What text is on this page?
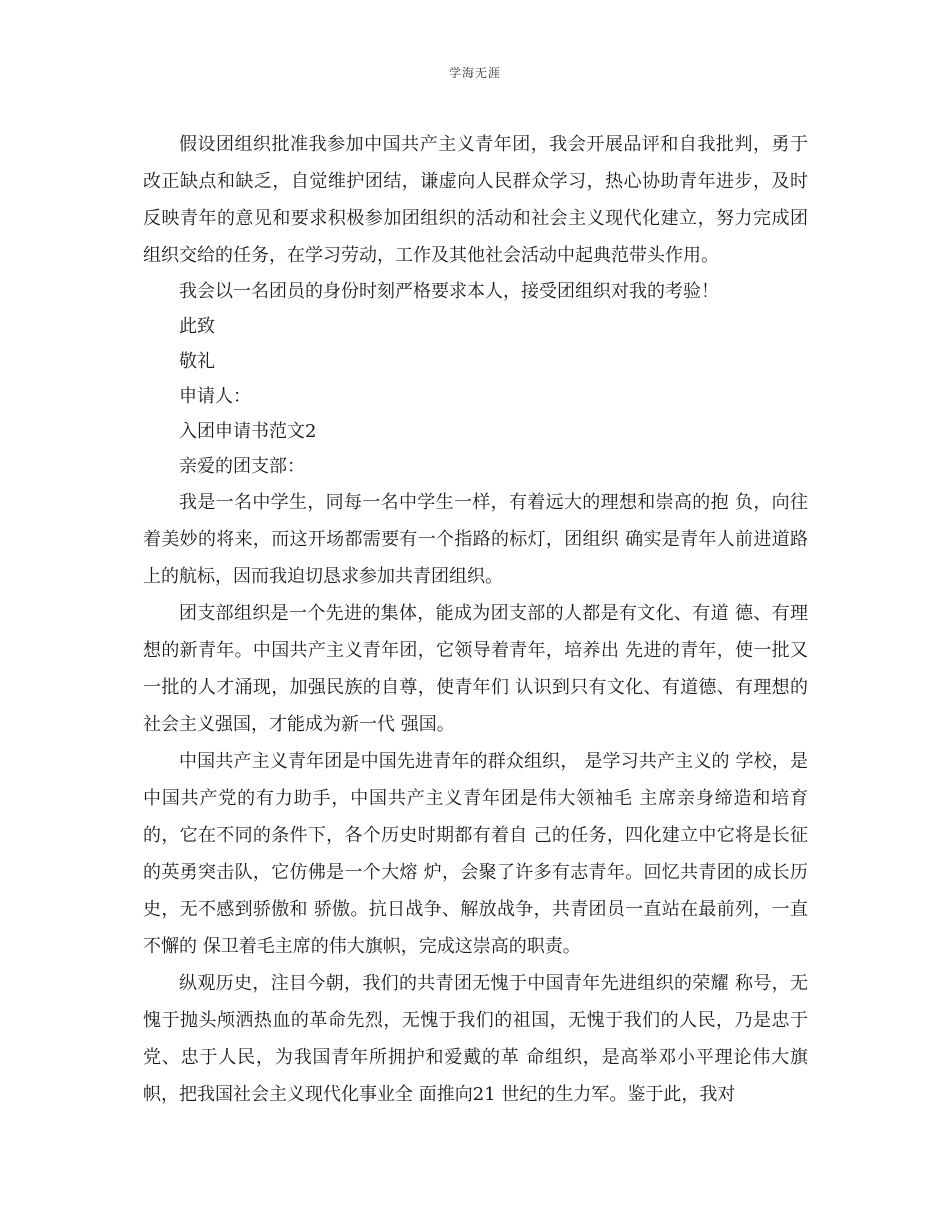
学海无涯

假设团组织批准我参加中国共产主义青年团，我会开展品评和自我批判，勇于改正缺点和缺乏，自觉维护团结，谦虚向人民群众学习，热心协助青年进步，及时反映青年的意见和要求积极参加团组织的活动和社会主义现代化建立，努力完成团组织交给的任务，在学习劳动，工作及其他社会活动中起典范带头作用。

我会以一名团员的身份时刻严格要求本人，接受团组织对我的考验！

此致

敬礼

申请人：

入团申请书范文2

亲爱的团支部：

我是一名中学生，同每一名中学生一样，有着远大的理想和崇高的抱 负，向往着美妙的将来，而这开场都需要有一个指路的标灯，团组织 确实是青年人前进道路上的航标，因而我迫切恳求参加共青团组织。

团支部组织是一个先进的集体，能成为团支部的人都是有文化、有道 德、有理想的新青年。中国共产主义青年团，它领导着青年，培养出 先进的青年，使一批又一批的人才涌现，加强民族的自尊，使青年们 认识到只有文化、有道德、有理想的社会主义强国，才能成为新一代 强国。

中国共产主义青年团是中国先进青年的群众组织， 是学习共产主义的 学校，是中国共产党的有力助手，中国共产主义青年团是伟大领袖毛 主席亲身缔造和培育的，它在不同的条件下，各个历史时期都有着自 己的任务，四化建立中它将是长征的英勇突击队，它仿佛是一个大熔 炉，会聚了许多有志青年。回忆共青团的成长历史，无不感到骄傲和 骄傲。抗日战争、解放战争，共青团员一直站在最前列，一直不懈的 保卫着毛主席的伟大旗帜，完成这崇高的职责。

纵观历史，注目今朝，我们的共青团无愧于中国青年先进组织的荣耀 称号，无愧于抛头颅洒热血的革命先烈，无愧于我们的祖国，无愧于我们的人民，乃是忠于党、忠于人民，为我国青年所拥护和爱戴的革 命组织，是高举邓小平理论伟大旗帜，把我国社会主义现代化事业全 面推向21 世纪的生力军。鉴于此，我对
